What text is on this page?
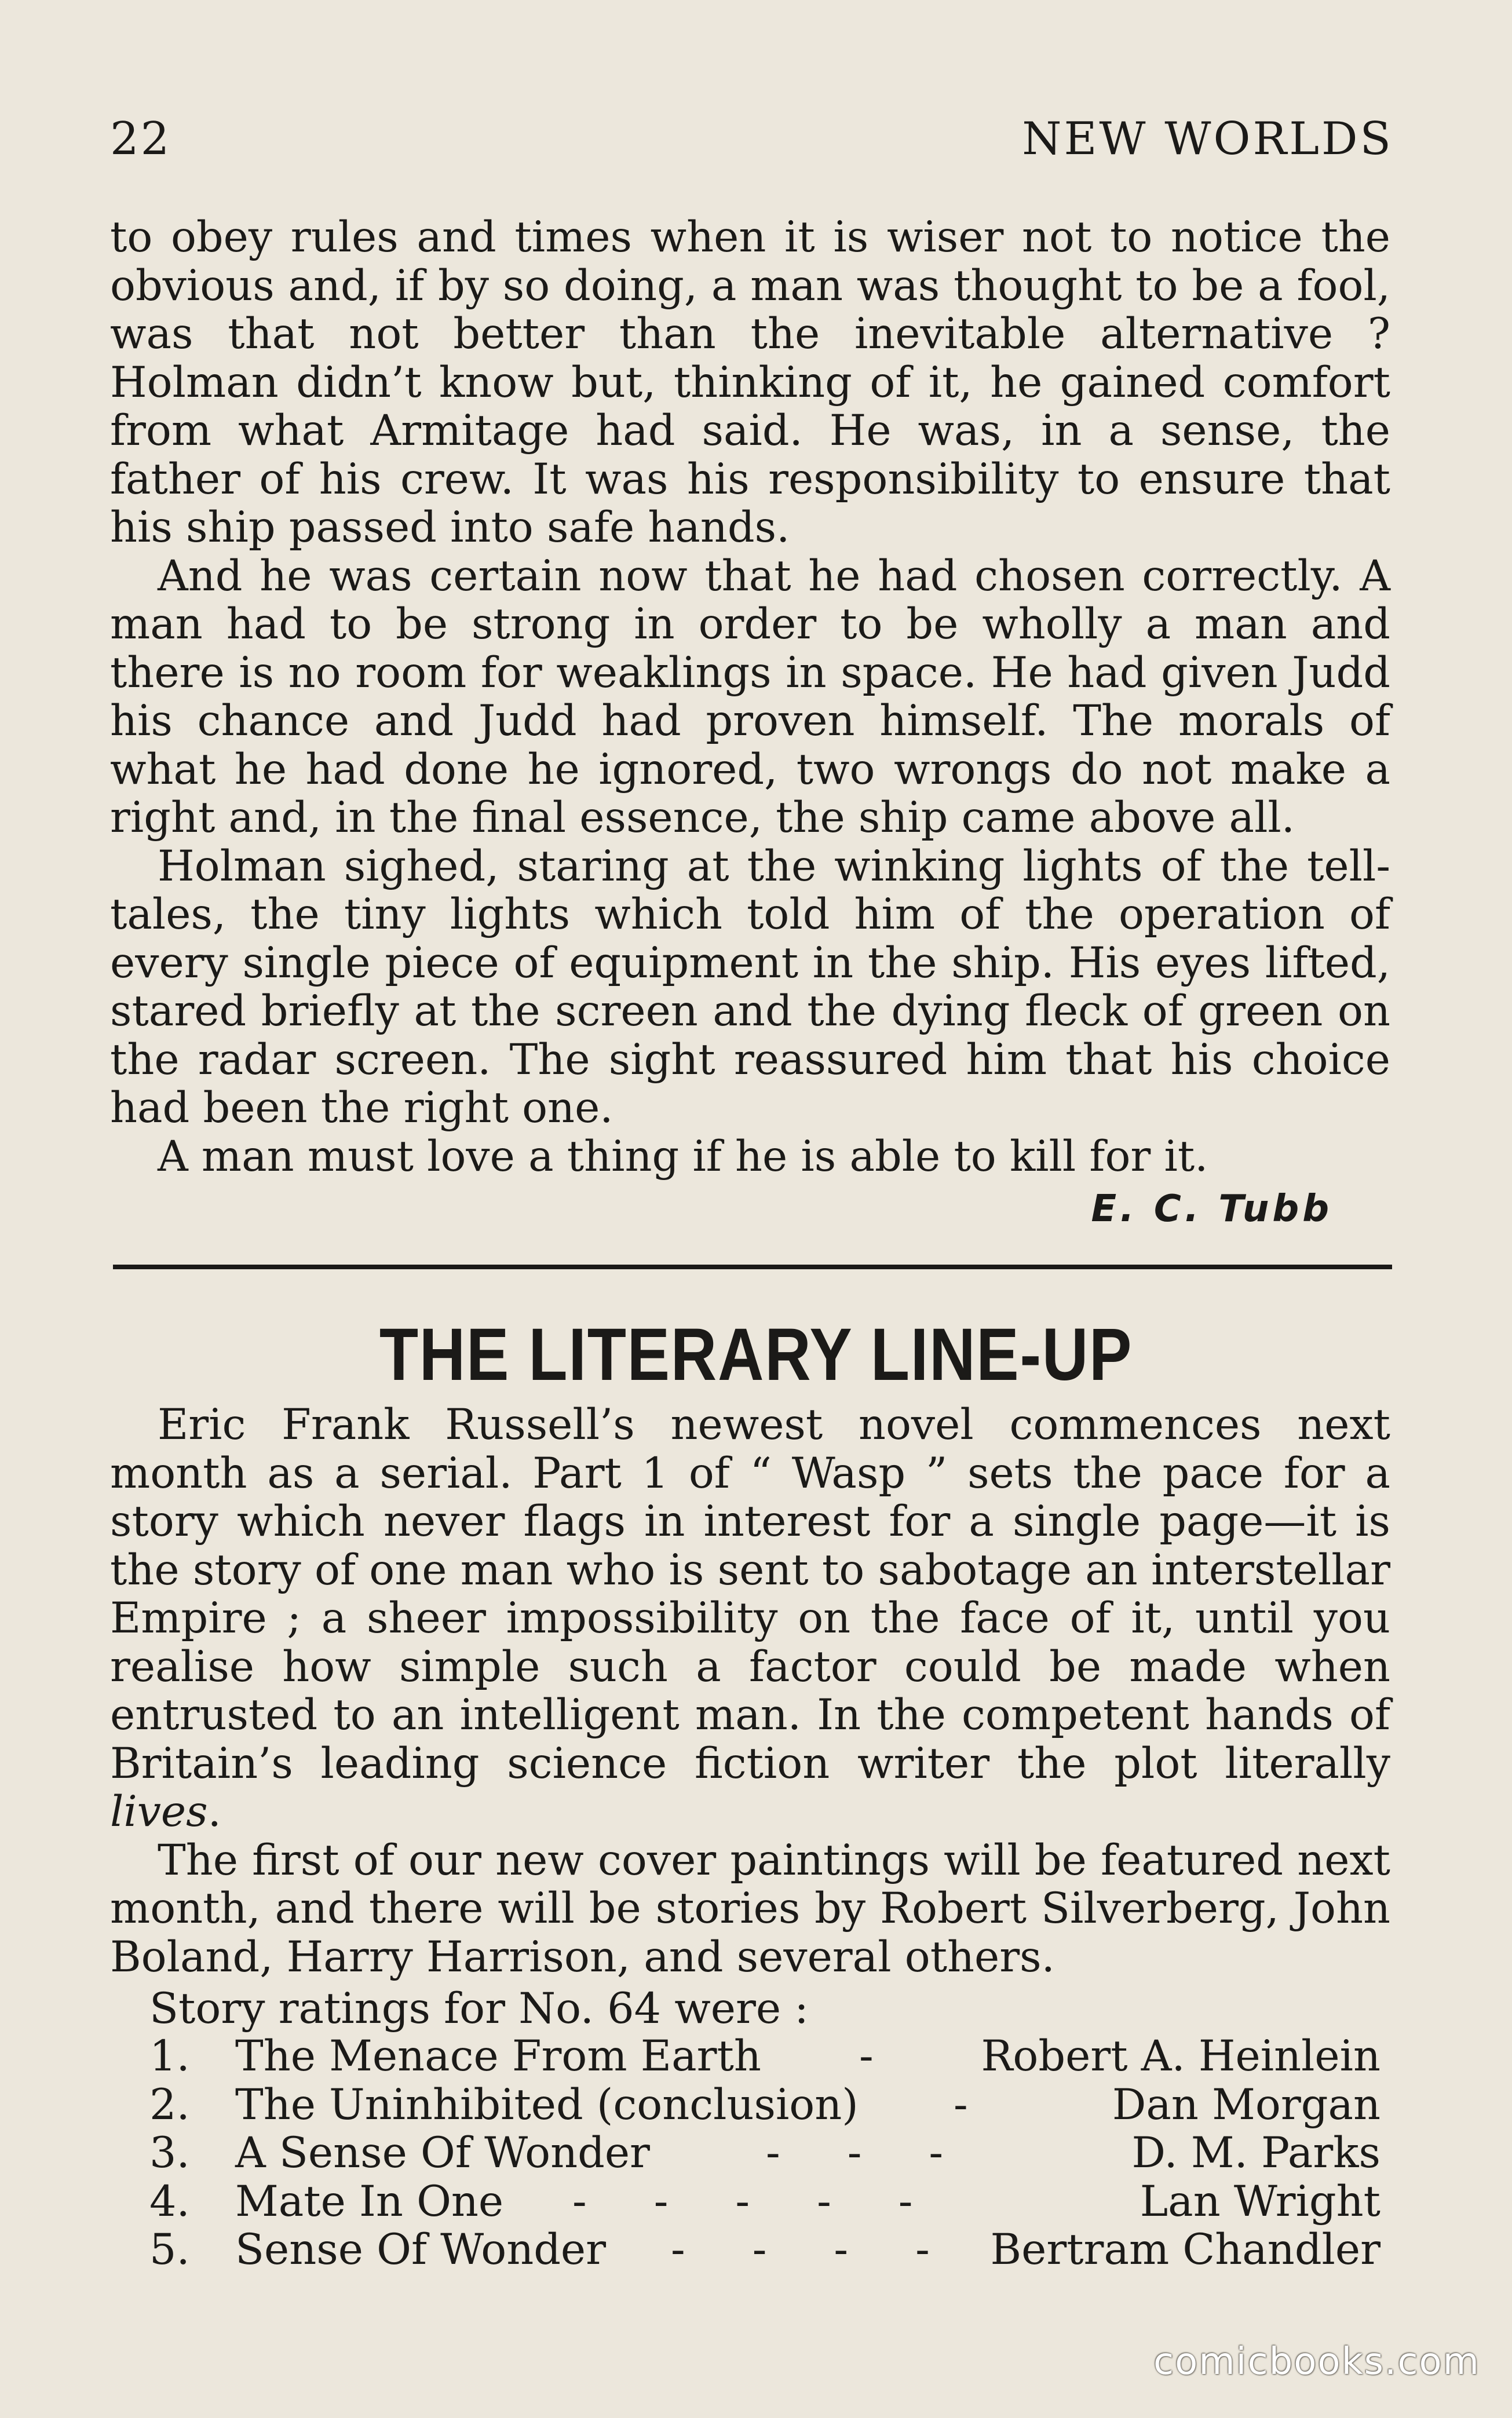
22	NEW WORLDS

to obey rules and times when it is wiser not to notice the obvious and, if by so doing, a man was thought to be a fool, was that not better than the inevitable alternative ? Holman didn’t know but, thinking of it, he gained comfort from what Armitage had said. He was, in a sense, the father of his crew. It was his responsibility to ensure that his ship passed into safe hands.

And he was certain now that he had chosen correctly. A man had to be strong in order to be wholly a man and there is no room for weaklings in space. He had given Judd his chance and Judd had proven himself. The morals of what he had done he ignored, two wrongs do not make a right and, in the final essence, the ship came above all.

Holman sighed, staring at the winking lights of the tell-tales, the tiny lights which told him of the operation of every single piece of equipment in the ship. His eyes lifted, stared briefly at the screen and the dying fleck of green on the radar screen. The sight reassured him that his choice had been the right one.

A man must love a thing if he is able to kill for it.

E. C. Tubb
THE LITERARY LINE-UP

Eric Frank Russell’s newest novel commences next month as a serial. Part 1 of “ Wasp ” sets the pace for a story which never flags in interest for a single page—it is the story of one man who is sent to sabotage an interstellar Empire ; a sheer impossibility on the face of it, until you realise how simple such a factor could be made when entrusted to an intelligent man. In the competent hands of Britain’s leading science fiction writer the plot literally lives.

The first of our new cover paintings will be featured next month, and there will be stories by Robert Silverberg, John Boland, Harry Harrison, and several others.

Story ratings for No. 64 were :
1. The Menace From Earth -	Robert A. Heinlein
2. The Uninhibited (conclusion) -	Dan Morgan
3. A Sense Of Wonder	-     -     -	D. M. Parks
4. Mate In One -     -     -     -     -	Lan Wright
5. Sense Of Wonder -     -     -     - Bertram Chandler
comicbooks.com
